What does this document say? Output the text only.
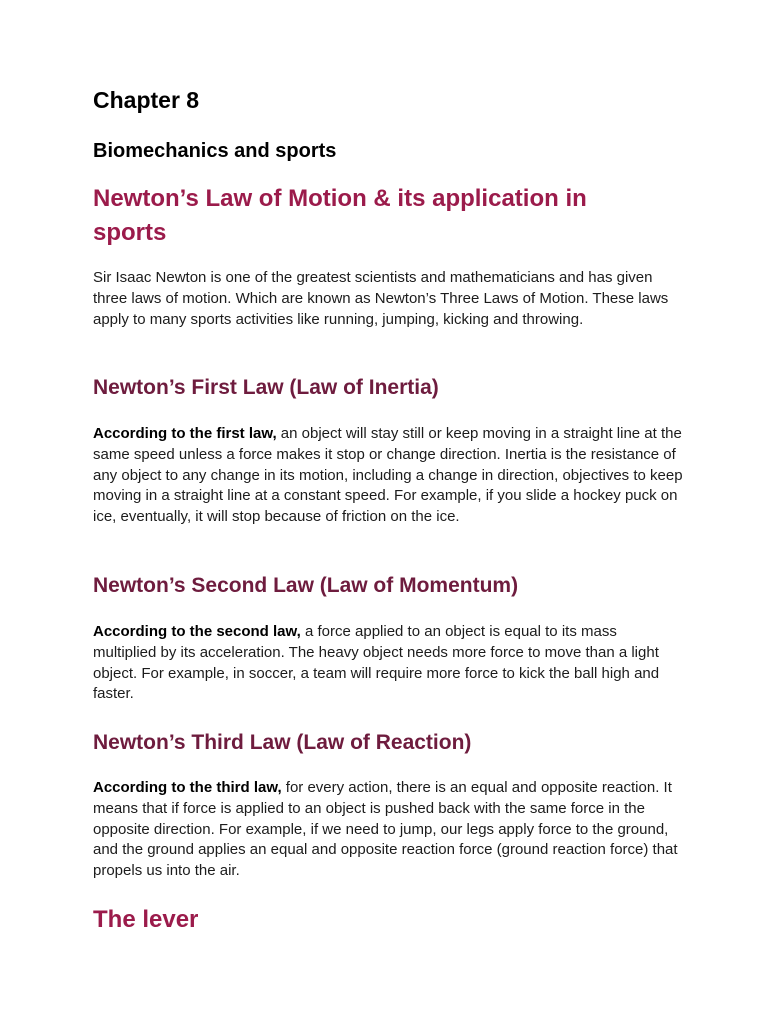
Chapter 8
Biomechanics and sports
Newton’s Law of Motion & its application in sports

Sir Isaac Newton is one of the greatest scientists and mathematicians and has given three laws of motion. Which are known as Newton’s Three Laws of Motion. These laws apply to many sports activities like running, jumping, kicking and throwing.

Newton’s First Law (Law of Inertia)

According to the first law, an object will stay still or keep moving in a straight line at the same speed unless a force makes it stop or change direction. Inertia is the resistance of any object to any change in its motion, including a change in direction, objectives to keep moving in a straight line at a constant speed. For example, if you slide a hockey puck on ice, eventually, it will stop because of friction on the ice.

Newton’s Second Law (Law of Momentum)

According to the second law, a force applied to an object is equal to its mass multiplied by its acceleration. The heavy object needs more force to move than a light object. For example, in soccer, a team will require more force to kick the ball high and faster.

Newton’s Third Law (Law of Reaction)

According to the third law, for every action, there is an equal and opposite reaction. It means that if force is applied to an object is pushed back with the same force in the opposite direction. For example, if we need to jump, our legs apply force to the ground, and the ground applies an equal and opposite reaction force (ground reaction force) that propels us into the air.

The lever
